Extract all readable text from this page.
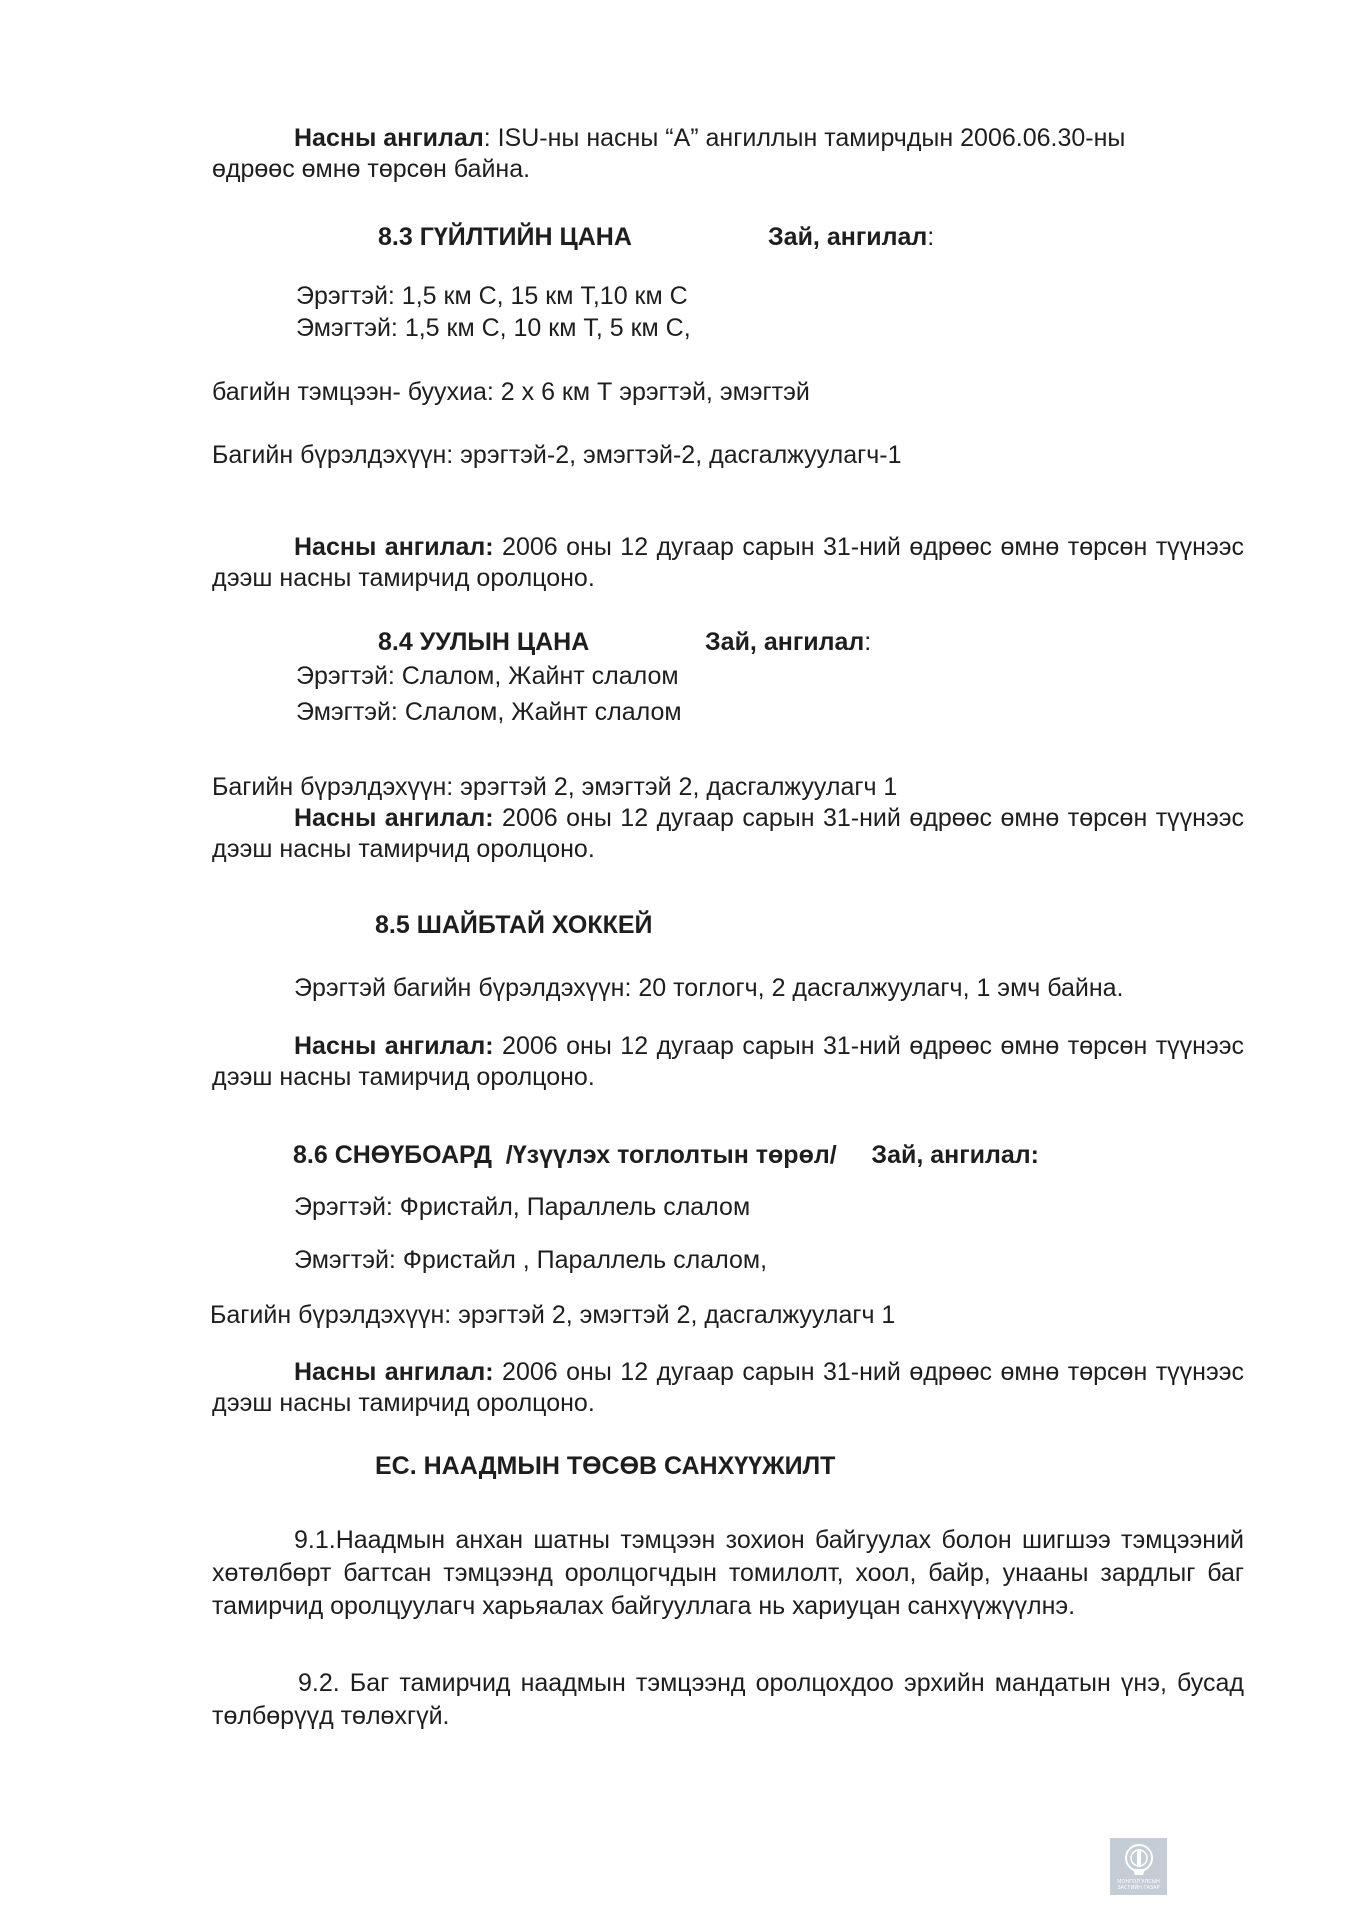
Насны ангилал: ISU-ны насны “A” ангиллын тамирчдын 2006.06.30-ны
өдрөөс өмнө төрсөн байна.
8.3 ГҮЙЛТИЙН ЦАНА	Зай, ангилал:
Эрэгтэй: 1,5 км С, 15 км Т,10 км С
Эмэгтэй: 1,5 км С, 10 км Т, 5 км С,
багийн тэмцээн- буухиа: 2 х 6 км Т эрэгтэй, эмэгтэй
Багийн бүрэлдэхүүн: эрэгтэй-2, эмэгтэй-2, дасгалжуулагч-1
Насны ангилал: 2006 оны 12 дугаар сарын 31-ний өдрөөс өмнө төрсөн түүнээс дээш насны тамирчид оролцоно.
8.4 УУЛЫН ЦАНА	Зай, ангилал:
Эрэгтэй: Слалом, Жайнт слалом
Эмэгтэй: Слалом, Жайнт слалом
Багийн бүрэлдэхүүн: эрэгтэй 2, эмэгтэй 2, дасгалжуулагч 1
Насны ангилал: 2006 оны 12 дугаар сарын 31-ний өдрөөс өмнө төрсөн түүнээс дээш насны тамирчид оролцоно.
8.5 ШАЙБТАЙ ХОККЕЙ
Эрэгтэй багийн бүрэлдэхүүн: 20 тоглогч, 2 дасгалжуулагч, 1 эмч байна.
Насны ангилал: 2006 оны 12 дугаар сарын 31-ний өдрөөс өмнө төрсөн түүнээс дээш насны тамирчид оролцоно.
8.6 СНӨҮБОАРД  /Үзүүлэх тоглолтын төрөл/     Зай, ангилал:
Эрэгтэй: Фристайл, Параллель слалом
Эмэгтэй: Фристайл , Параллель слалом,
Багийн бүрэлдэхүүн: эрэгтэй 2, эмэгтэй 2, дасгалжуулагч 1
Насны ангилал: 2006 оны 12 дугаар сарын 31-ний өдрөөс өмнө төрсөн түүнээс дээш насны тамирчид оролцоно.
ЕС. НААДМЫН ТӨСӨВ САНХҮҮЖИЛТ
9.1.Наадмын анхан шатны тэмцээн зохион байгуулах болон шигшээ тэмцээний хөтөлбөрт багтсан тэмцээнд оролцогчдын томилолт, хоол, байр, унааны зардлыг баг тамирчид оролцуулагч харьяалах байгууллага нь хариуцан санхүүжүүлнэ.
9.2. Баг тамирчид наадмын тэмцээнд оролцохдоо эрхийн мандатын үнэ, бусад төлбөрүүд төлөхгүй.
МОНГОЛ УЛСЫН
ЗАСГИЙН ГАЗАР
